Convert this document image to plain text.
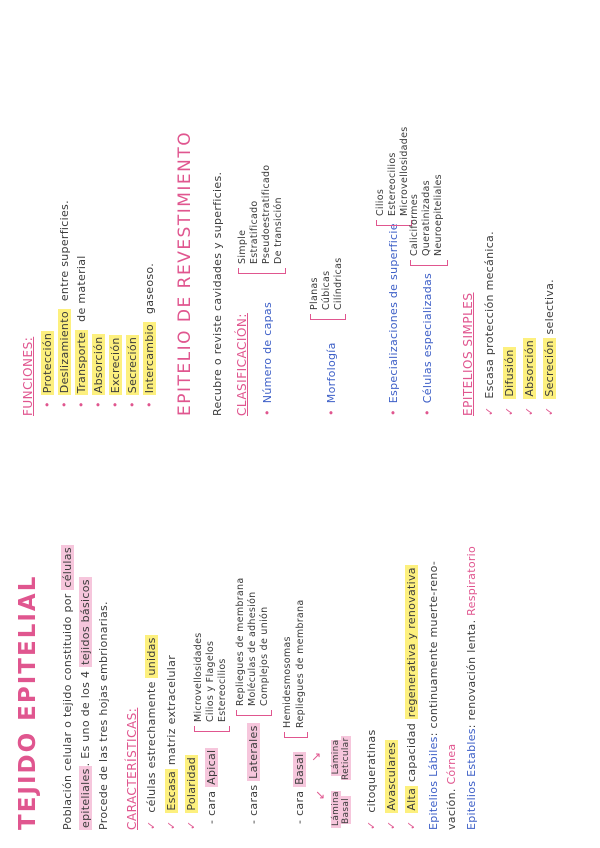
TEJIDO EPITELIAL Población celular o tejido constituido por células
epiteliales. Es uno de los 4 tejidos básicos Procede de las tres hojas embrionarias. CARACTERÍSTICAS: ✓ células estrechamente unidas
✓ Escasa matriz extracelular
✓ Polaridad
- cara Apical
Microvellosidades Cilios y Flagelos Estereocilios
- caras Laterales
Repliegues de membrana Moléculas de adhesión Complejos de unión
- cara Basal
Hemidesmosomas Repliegues de membrana
↙
↘
Lámina Basal
Lámina Reticular
✓ citoqueratinas
✓ Avasculares
✓ Alta capacidad regenerativa y renovativa
Epitelios Lábiles: continuamente muerte-reno-
vación. Córnea Epitelios Estables: renovación lenta. Respiratorio
FUNCIONES: •Protección
•Deslizamientoentre superficies.
•Transportede material
•Absorción
•Excreción
•Secreción
•Intercambiogaseoso. EPITELIO DE REVESTIMIENTO Recubre o reviste cavidades y superficies. CLASIFICACIÓN: •Número de capas
Simple Estratificado Pseudoestratificado De transición
•Morfología
Planas Cúbicas Cilíndricas
•Especializaciones de superficie
Cilios Estereocilios Microvellosidades
•Células especializadas
Caliciformes Queratinizadas Neuroepiteliales
EPITELIOS SIMPLES ✓ Escasa protección mecánica.
✓ Difusión
✓ Absorción
✓ Secreción selectiva.
